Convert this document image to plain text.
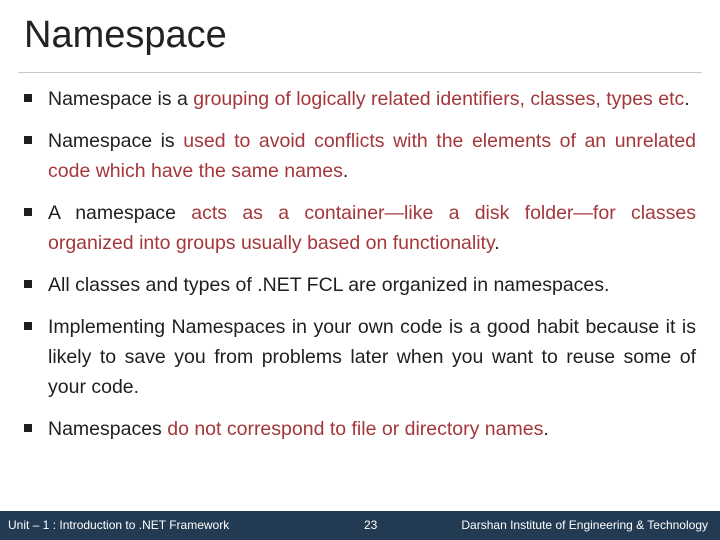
Namespace
Namespace is a grouping of logically related identifiers, classes, types etc.
Namespace is used to avoid conflicts with the elements of an unrelated code which have the same names.
A namespace acts as a container—like a disk folder—for classes organized into groups usually based on functionality.
All classes and types of .NET FCL are organized in namespaces.
Implementing Namespaces in your own code is a good habit because it is likely to save you from problems later when you want to reuse some of your code.
Namespaces do not correspond to file or directory names.
Unit – 1 : Introduction to .NET Framework	23	Darshan Institute of Engineering & Technology
